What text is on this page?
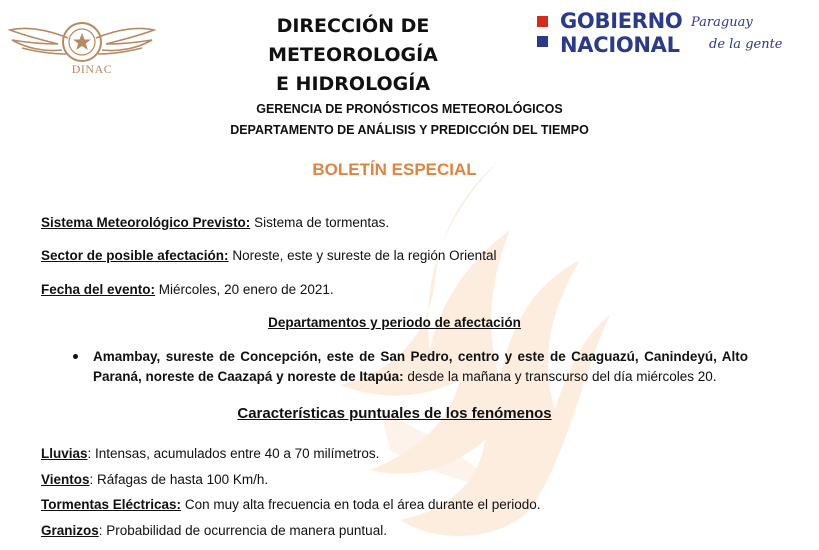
DINAC
DIRECCIÓN DE METEOROLOGÍA
E HIDROLOGÍA
GOBIERNO
NACIONAL
Paraguay
de la gente
GERENCIA DE PRONÓSTICOS METEOROLÓGICOS
DEPARTAMENTO DE ANÁLISIS Y PREDICCIÓN DEL TIEMPO
BOLETÍN ESPECIAL
Sistema Meteorológico Previsto: Sistema de tormentas.
Sector de posible afectación: Noreste, este y sureste de la región Oriental
Fecha del evento: Miércoles, 20 enero de 2021.
Departamentos y periodo de afectación
Amambay, sureste de Concepción, este de San Pedro, centro y este de Caaguazú, Canindeyú, Alto Paraná, noreste de Caazapá y noreste de Itapúa: desde la mañana y transcurso del día miércoles 20.
Características puntuales de los fenómenos
Lluvias: Intensas, acumulados entre 40 a 70 milímetros.
Vientos: Ráfagas de hasta 100 Km/h.
Tormentas Eléctricas: Con muy alta frecuencia en toda el área durante el periodo.
Granizos: Probabilidad de ocurrencia de manera puntual.
